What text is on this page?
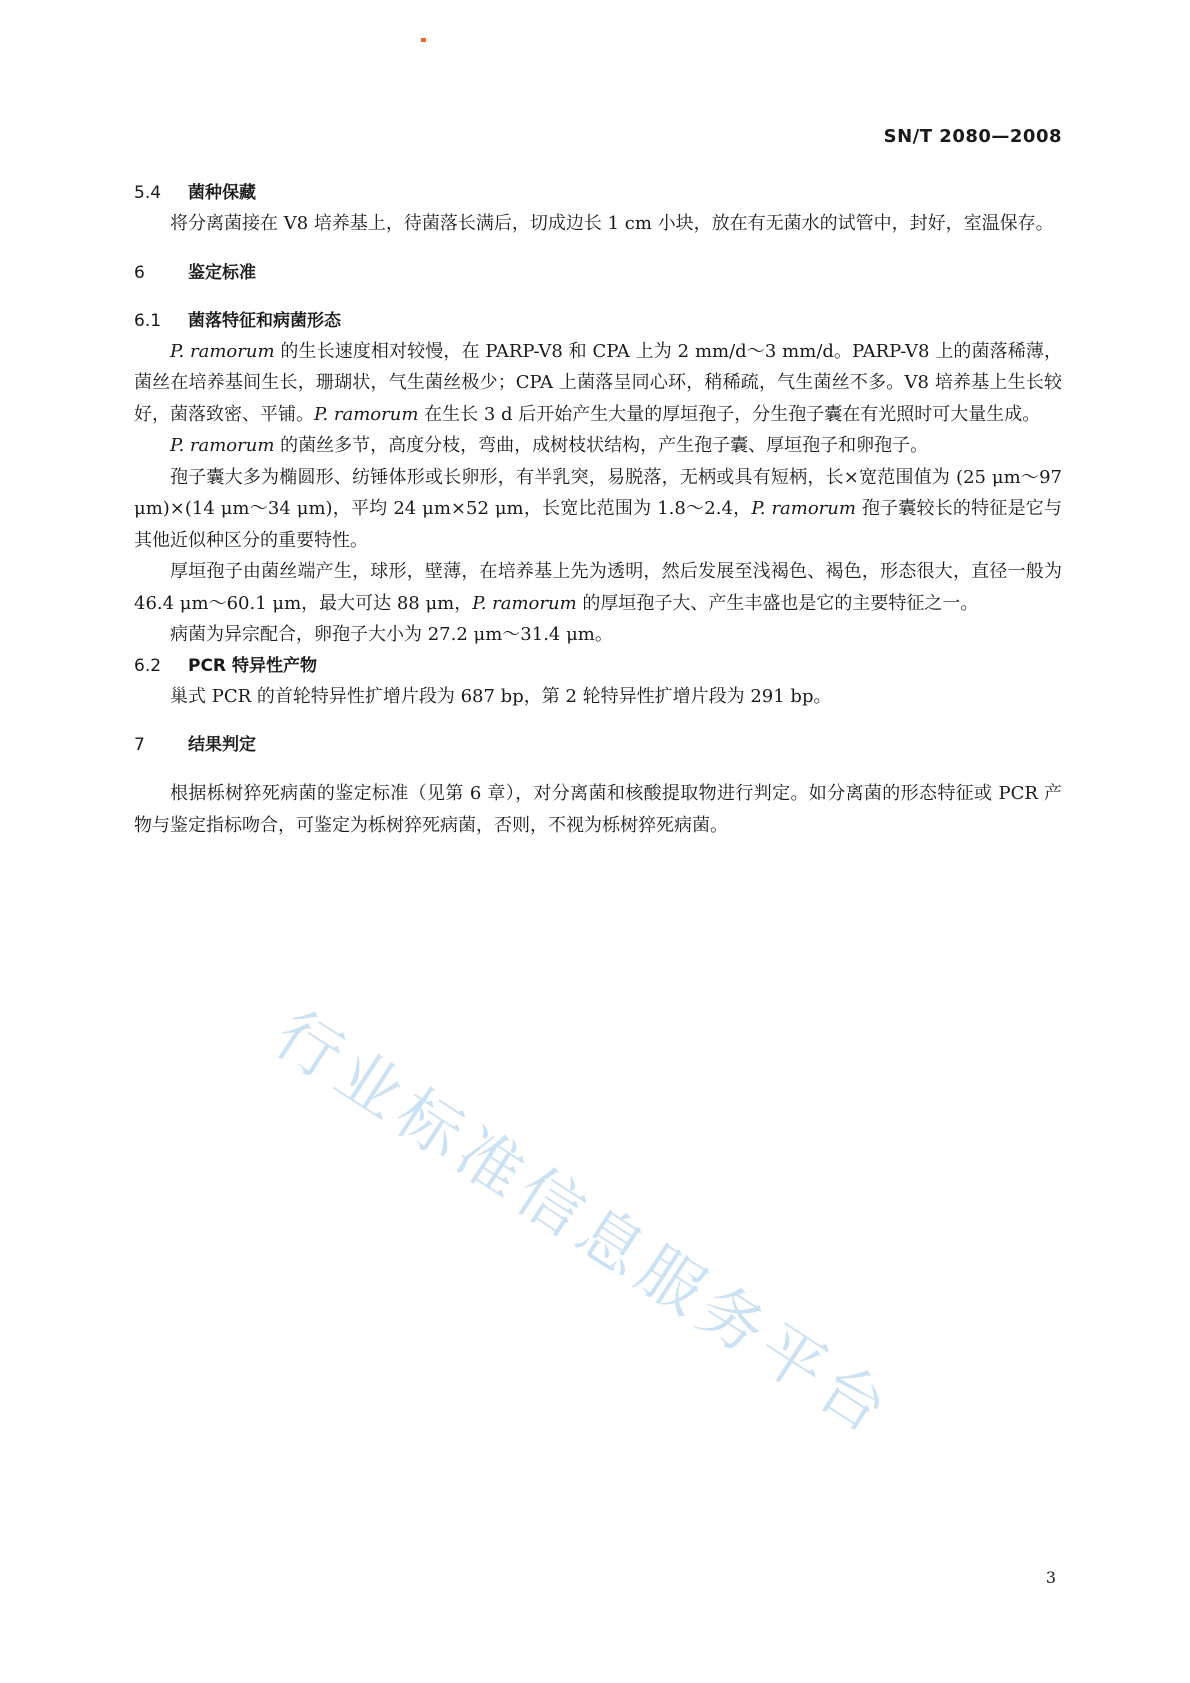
SN/T 2080—2008
5.4 菌种保藏

将分离菌接在 V8 培养基上，待菌落长满后，切成边长 1 cm 小块，放在有无菌水的试管中，封好，室温保存。

6	鉴定标准
6.1 菌落特征和病菌形态

P. ramorum 的生长速度相对较慢，在 PARP-V8 和 CPA 上为 2 mm/d～3 mm/d。PARP-V8 上的菌落稀薄，菌丝在培养基间生长，珊瑚状，气生菌丝极少；CPA 上菌落呈同心环，稍稀疏，气生菌丝不多。V8 培养基上生长较好，菌落致密、平铺。P. ramorum 在生长 3 d 后开始产生大量的厚垣孢子，分生孢子囊在有光照时可大量生成。

P. ramorum 的菌丝多节，高度分枝，弯曲，成树枝状结构，产生孢子囊、厚垣孢子和卵孢子。

孢子囊大多为椭圆形、纺锤体形或长卵形，有半乳突，易脱落，无柄或具有短柄，长×宽范围值为 (25 μm～97 μm)×(14 μm～34 μm)，平均 24 μm×52 μm，长宽比范围为 1.8～2.4，P. ramorum 孢子囊较长的特征是它与其他近似种区分的重要特性。

厚垣孢子由菌丝端产生，球形，壁薄，在培养基上先为透明，然后发展至浅褐色、褐色，形态很大，直径一般为 46.4 μm～60.1 μm，最大可达 88 μm，P. ramorum 的厚垣孢子大、产生丰盛也是它的主要特征之一。

病菌为异宗配合，卵孢子大小为 27.2 μm～31.4 μm。

6.2 PCR 特异性产物

巢式 PCR 的首轮特异性扩增片段为 687 bp，第 2 轮特异性扩增片段为 291 bp。

7	结果判定

根据栎树猝死病菌的鉴定标准（见第 6 章），对分离菌和核酸提取物进行判定。如分离菌的形态特征或 PCR 产物与鉴定指标吻合，可鉴定为栎树猝死病菌，否则，不视为栎树猝死病菌。

行业标准信息服务平台
3
